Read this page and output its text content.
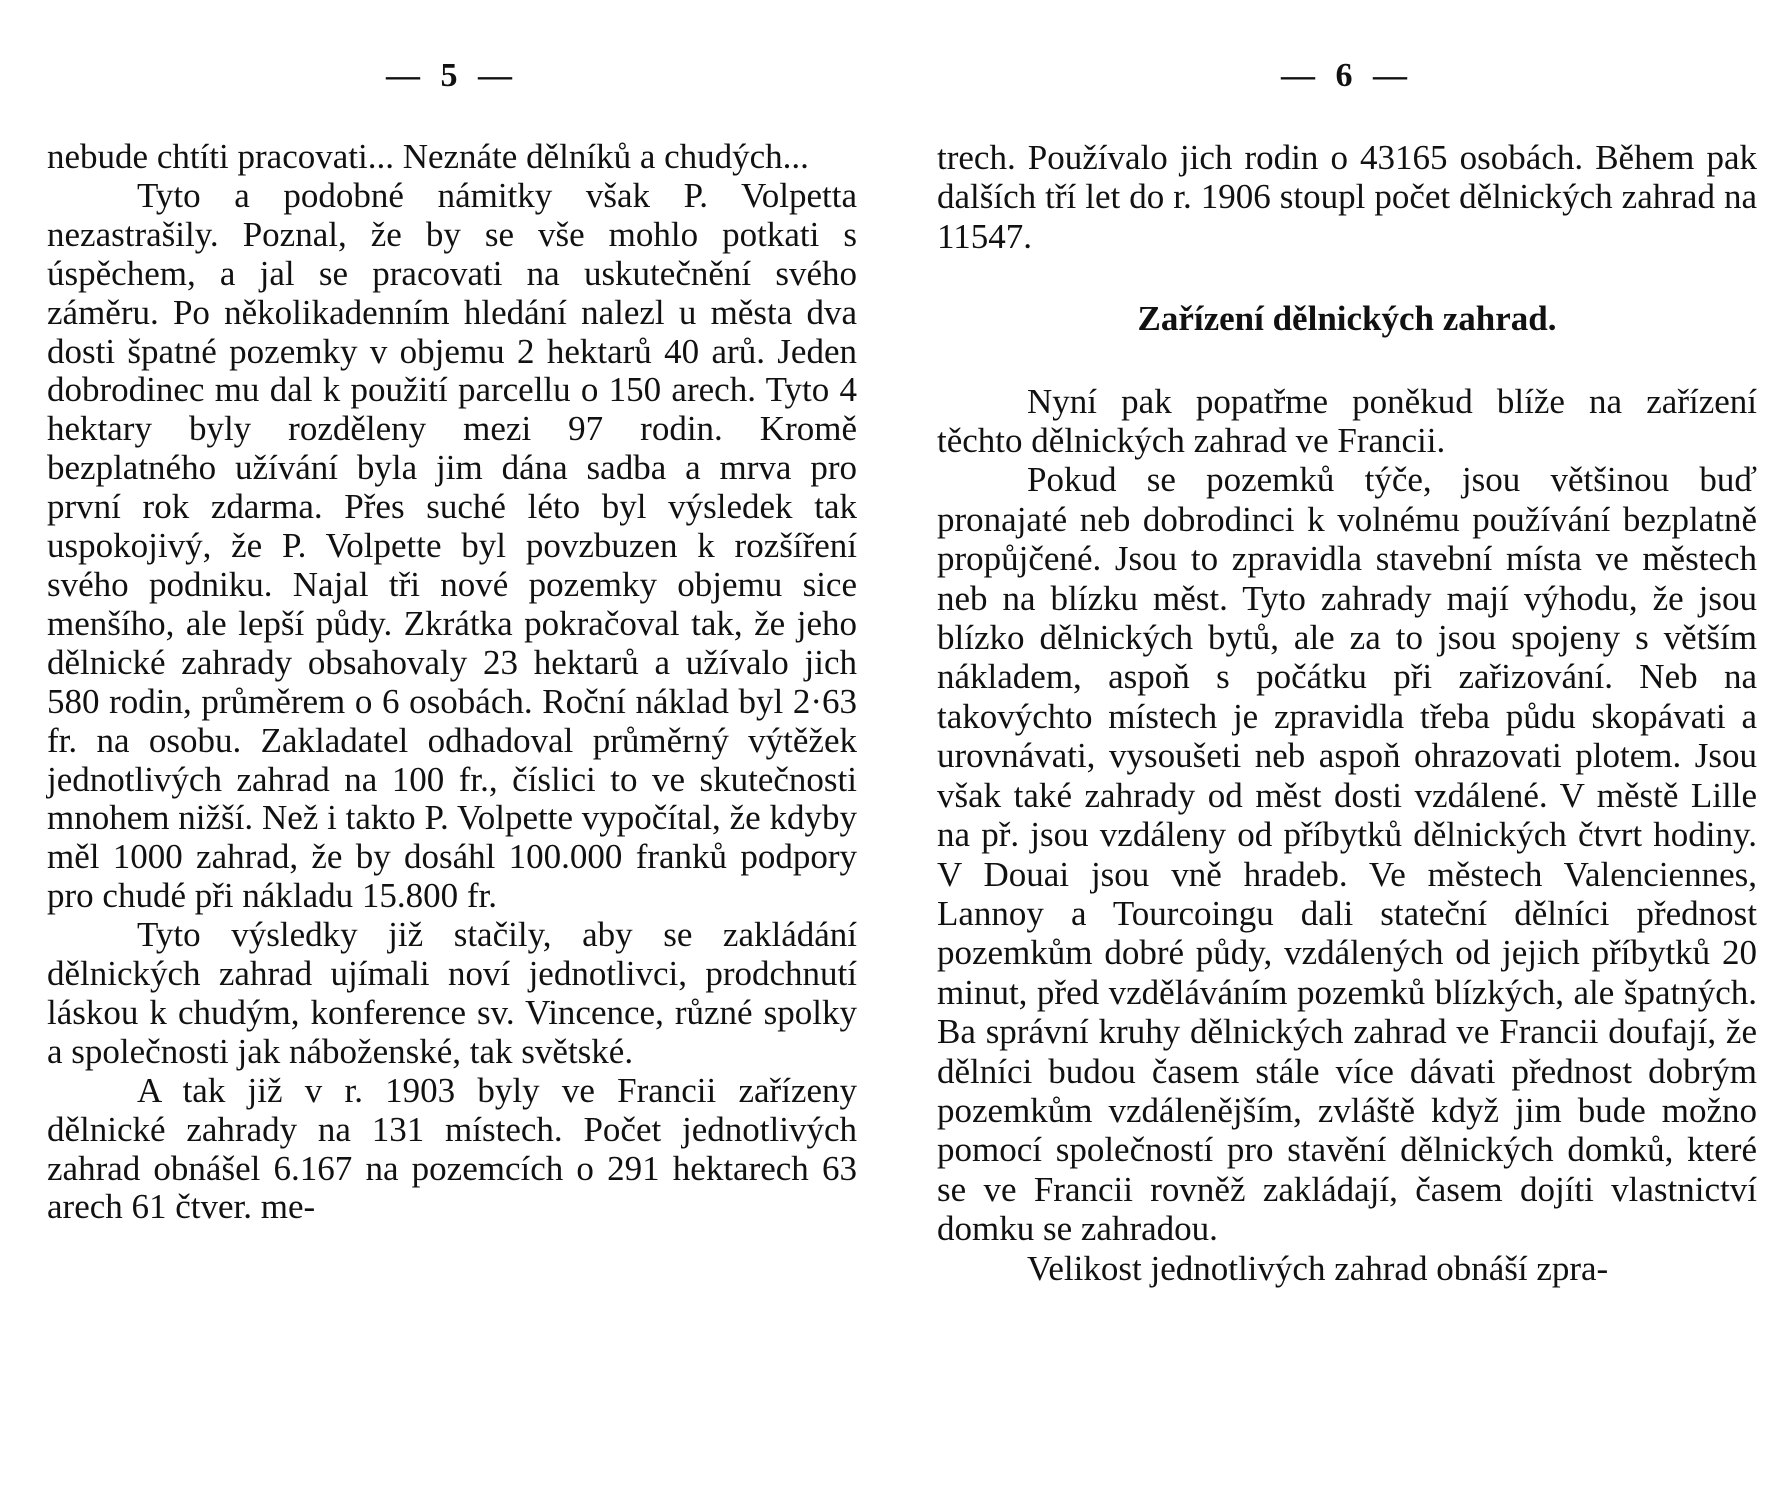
— 5 —

nebude chtíti pracovati... Neznáte dělníků a chudých...

Tyto a podobné námitky však P. Volpetta nezastrašily. Poznal, že by se vše mohlo potkati s úspěchem, a jal se pracovati na uskutečnění svého záměru. Po několikadenním hledání nalezl u města dva dosti špatné pozemky v objemu 2 hektarů 40 arů. Jeden dobrodinec mu dal k použití parcellu o 150 arech. Tyto 4 hektary byly rozděleny mezi 97 rodin. Kromě bezplatného užívání byla jim dána sadba a mrva pro první rok zdarma. Přes suché léto byl výsledek tak uspokojivý, že P. Volpette byl povzbuzen k rozšíření svého podniku. Najal tři nové pozemky objemu sice menšího, ale lepší půdy. Zkrátka pokračoval tak, že jeho dělnické zahrady obsahovaly 23 hektarů a užívalo jich 580 rodin, průměrem o 6 osobách. Roční náklad byl 2·63 fr. na osobu. Zakladatel odhadoval průměrný výtěžek jednotlivých zahrad na 100 fr., číslici to ve skutečnosti mnohem nižší. Než i takto P. Volpette vypočítal, že kdyby měl 1000 zahrad, že by dosáhl 100.000 franků podpory pro chudé při nákladu 15.800 fr.

Tyto výsledky již stačily, aby se zakládání dělnických zahrad ujímali noví jednotlivci, prodchnutí láskou k chudým, konference sv. Vincence, různé spolky a společnosti jak náboženské, tak světské.

A tak již v r. 1903 byly ve Francii zařízeny dělnické zahrady na 131 místech. Počet jednotlivých zahrad obnášel 6.167 na pozemcích o 291 hektarech 63 arech 61 čtver. me-

— 6 —

trech. Používalo jich rodin o 43165 osobách. Během pak dalších tří let do r. 1906 stoupl počet dělnických zahrad na 11547.

Zařízení dělnických zahrad.

Nyní pak popatřme poněkud blíže na zařízení těchto dělnických zahrad ve Francii.

Pokud se pozemků týče, jsou většinou buď pronajaté neb dobrodinci k volnému používání bezplatně propůjčené. Jsou to zpravidla stavební místa ve městech neb na blízku měst. Tyto zahrady mají výhodu, že jsou blízko dělnických bytů, ale za to jsou spojeny s větším nákladem, aspoň s počátku při zařizování. Neb na takovýchto místech je zpravidla třeba půdu skopávati a urovnávati, vysoušeti neb aspoň ohrazovati plotem. Jsou však také zahrady od měst dosti vzdálené. V městě Lille na př. jsou vzdáleny od příbytků dělnických čtvrt hodiny. V Douai jsou vně hradeb. Ve městech Valenciennes, Lannoy a Tourcoingu dali stateční dělníci přednost pozemkům dobré půdy, vzdálených od jejich příbytků 20 minut, před vzděláváním pozemků blízkých, ale špatných. Ba správní kruhy dělnických zahrad ve Francii doufají, že dělníci budou časem stále více dávati přednost dobrým pozemkům vzdálenějším, zvláště když jim bude možno pomocí společností pro stavění dělnických domků, které se ve Francii rovněž zakládají, časem dojíti vlastnictví domku se zahradou.

Velikost jednotlivých zahrad obnáší zpra-
